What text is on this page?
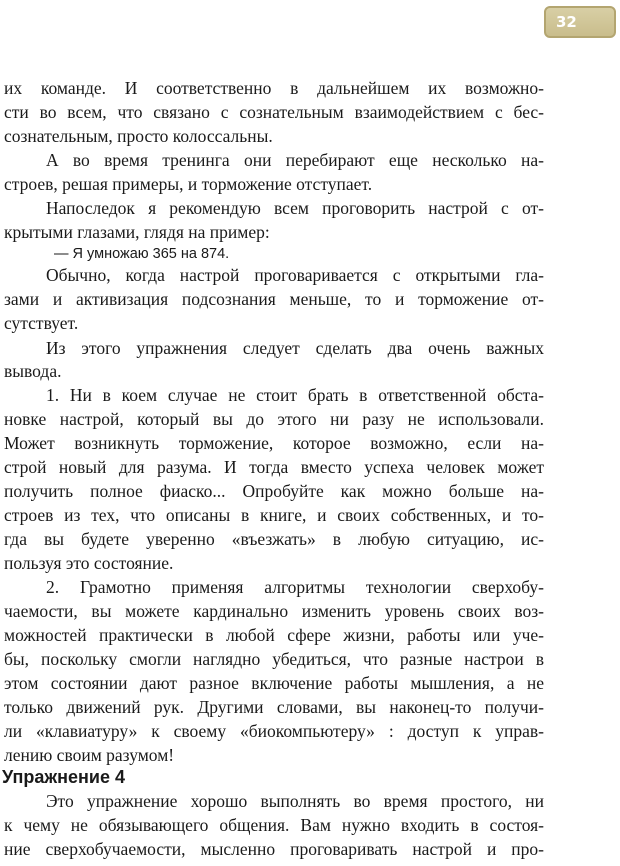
32
их команде. И соответственно в дальнейшем их возможно-
сти во всем, что связано с сознательным взаимодействием с бес-
сознательным, просто колоссальны.
А во время тренинга они перебирают еще несколько на-
строев, решая примеры, и торможение отступает.
Напоследок я рекомендую всем проговорить настрой с от-
крытыми глазами, глядя на пример:
— Я умножаю 365 на 874.
Обычно, когда настрой проговаривается с открытыми гла-
зами и активизация подсознания меньше, то и торможение от-
сутствует.
Из этого упражнения следует сделать два очень важных
вывода.
1. Ни в коем случае не стоит брать в ответственной обста-
новке настрой, который вы до этого ни разу не использовали.
Может возникнуть торможение, которое возможно, если на-
строй новый для разума. И тогда вместо успеха человек может
получить полное фиаско... Опробуйте как можно больше на-
строев из тех, что описаны в книге, и своих собственных, и то-
гда вы будете уверенно «въезжать» в любую ситуацию, ис-
пользуя это состояние.
2. Грамотно применяя алгоритмы технологии сверхобу-
чаемости, вы можете кардинально изменить уровень своих воз-
можностей практически в любой сфере жизни, работы или уче-
бы, поскольку смогли наглядно убедиться, что разные настрои в
этом состоянии дают разное включение работы мышления, а не
только движений рук. Другими словами, вы наконец-то получи-
ли «клавиатуру» к своему «биокомпьютеру» : доступ к управ-
лению своим разумом!
Упражнение 4
Это упражнение хорошо выполнять во время простого, ни
к чему не обязывающего общения. Вам нужно входить в состоя-
ние сверхобучаемости, мысленно проговаривать настрой и про-
